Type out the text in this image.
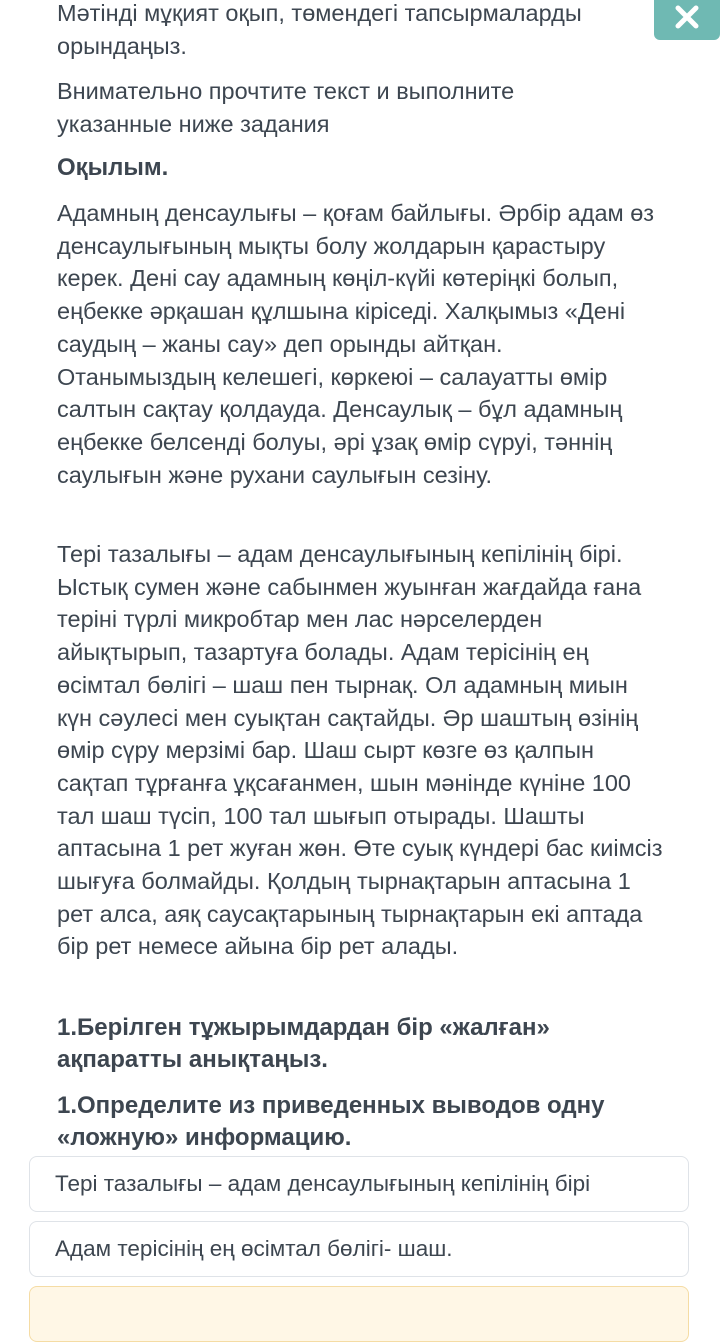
Мәтінді мұқият оқып, төмендегі тапсырмаларды орындаңыз.

Внимательно прочтите текст и выполните указанные ниже задания

Оқылым.

Адамның денсаулығы – қоғам байлығы. Әрбір адам өз денсаулығының мықты болу жолдарын қарастыру керек. Дені сау адамның көңіл-күйі көтеріңкі болып, еңбекке әрқашан құлшына кіріседі. Халқымыз «Дені саудың – жаны сау» деп орынды айтқан. Отанымыздың келешегі, көркеюі – салауатты өмір салтын сақтау қолдауда. Денсаулық – бұл адамның еңбекке белсенді болуы, әрі ұзақ өмір сүруі, тәннің саулығын және рухани саулығын сезіну.

Тері тазалығы – адам денсаулығының кепілінің бірі. Ыстық сумен және сабынмен жуынған жағдайда ғана теріні түрлі микробтар мен лас нәрселерден айықтырып, тазартуға болады. Адам терісінің ең өсімтал бөлігі – шаш пен тырнақ. Ол адамның миын күн сәулесі мен суықтан сақтайды. Әр шаштың өзінің өмір сүру мерзімі бар. Шаш сырт көзге өз қалпын сақтап тұрғанға ұқсағанмен, шын мәнінде күніне 100 тал шаш түсіп, 100 тал шығып отырады. Шашты аптасына 1 рет жуған жөн. Өте суық күндері бас киімсіз шығуға болмайды. Қолдың тырнақтарын аптасына 1 рет алса, аяқ саусақтарының тырнақтарын екі аптада бір рет немесе айына бір рет алады.

1.Берілген тұжырымдардан бір «жалған» ақпаратты анықтаңыз.

1.Определите из приведенных выводов одну «ложную» информацию.

Тері тазалығы – адам денсаулығының кепілінің бірі
Адам терісінің ең өсімтал бөлігі- шаш.
